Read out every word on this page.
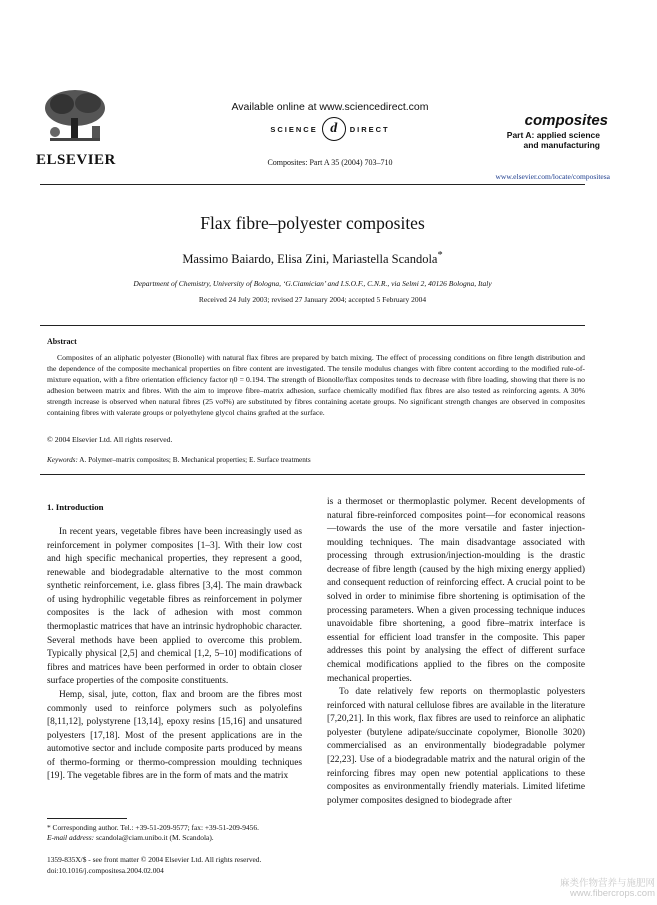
ELSEVIER
Available online at www.sciencedirect.com
SCIENCE d	DIRECT
Composites: Part A 35 (2004) 703–710
composites
Part A: applied science
and manufacturing
www.elsevier.com/locate/compositesa
Flax fibre–polyester composites
Massimo Baiardo, Elisa Zini, Mariastella Scandola*
Department of Chemistry, University of Bologna, ‘G.Ciamician’ and I.S.O.F., C.N.R., via Selmi 2, 40126 Bologna, Italy
Received 24 July 2003; revised 27 January 2004; accepted 5 February 2004
Abstract
Composites of an aliphatic polyester (Bionolle) with natural flax fibres are prepared by batch mixing. The effect of processing conditions on fibre length distribution and the dependence of the composite mechanical properties on fibre content are investigated. The tensile modulus changes with fibre content according to the modified rule-of-mixture equation, with a fibre orientation efficiency factor η0 = 0.194. The strength of Bionolle/flax composites tends to decrease with fibre loading, showing that there is no adhesion between matrix and fibres. With the aim to improve fibre–matrix adhesion, surface chemically modified flax fibres are also tested as reinforcing agents. A 30% strength increase is observed when natural fibres (25 vol%) are substituted by fibres containing acetate groups. No significant strength changes are observed in composites containing fibres with valerate groups or polyethylene glycol chains grafted at the surface.
© 2004 Elsevier Ltd. All rights reserved.
Keywords: A. Polymer–matrix composites; B. Mechanical properties; E. Surface treatments
1. Introduction

In recent years, vegetable fibres have been increasingly used as reinforcement in polymer composites [1–3]. With their low cost and high specific mechanical properties, they represent a good, renewable and biodegradable alternative to the most common synthetic reinforcement, i.e. glass fibres [3,4]. The main drawback of using hydrophilic vegetable fibres as reinforcement in polymer composites is the lack of adhesion with most common thermoplastic matrices that have an intrinsic hydrophobic character. Several methods have been applied to overcome this problem. Typically physical [2,5] and chemical [1,2, 5–10] modifications of fibres and matrices have been performed in order to obtain closer surface properties of the composite constituents.

Hemp, sisal, jute, cotton, flax and broom are the fibres most commonly used to reinforce polymers such as polyolefins [8,11,12], polystyrene [13,14], epoxy resins [15,16] and unsatured polyesters [17,18]. Most of the present applications are in the automotive sector and include composite parts produced by means of thermo-forming or thermo-compression moulding techniques [19]. The vegetable fibres are in the form of mats and the matrix

is a thermoset or thermoplastic polymer. Recent developments of natural fibre-reinforced composites point—for economical reasons—towards the use of the more versatile and faster injection-moulding techniques. The main disadvantage associated with processing through extrusion/injection-moulding is the drastic decrease of fibre length (caused by the high mixing energy applied) and consequent reduction of reinforcing effect. A crucial point to be solved in order to minimise fibre shortening is optimisation of the processing parameters. When a given processing technique induces unavoidable fibre shortening, a good fibre–matrix interface is essential for efficient load transfer in the composite. This paper addresses this point by analysing the effect of different surface chemical modifications applied to the fibres on the composite mechanical properties.

To date relatively few reports on thermoplastic polyesters reinforced with natural cellulose fibres are available in the literature [7,20,21]. In this work, flax fibres are used to reinforce an aliphatic polyester (butylene adipate/succinate copolymer, Bionolle 3020) commercialised as an environmentally biodegradable polymer [22,23]. Use of a biodegradable matrix and the natural origin of the reinforcing fibres may open new potential applications to these composites as environmentally friendly materials. Limited lifetime polymer composites designed to biodegrade after

* Corresponding author. Tel.: +39-51-209-9577; fax: +39-51-209-9456.
E-mail address: scandola@ciam.unibo.it (M. Scandola).
1359-835X/$ - see front matter © 2004 Elsevier Ltd. All rights reserved.
doi:10.1016/j.compositesa.2004.02.004
麻类作物营养与施肥网
www.fibercrops.com
